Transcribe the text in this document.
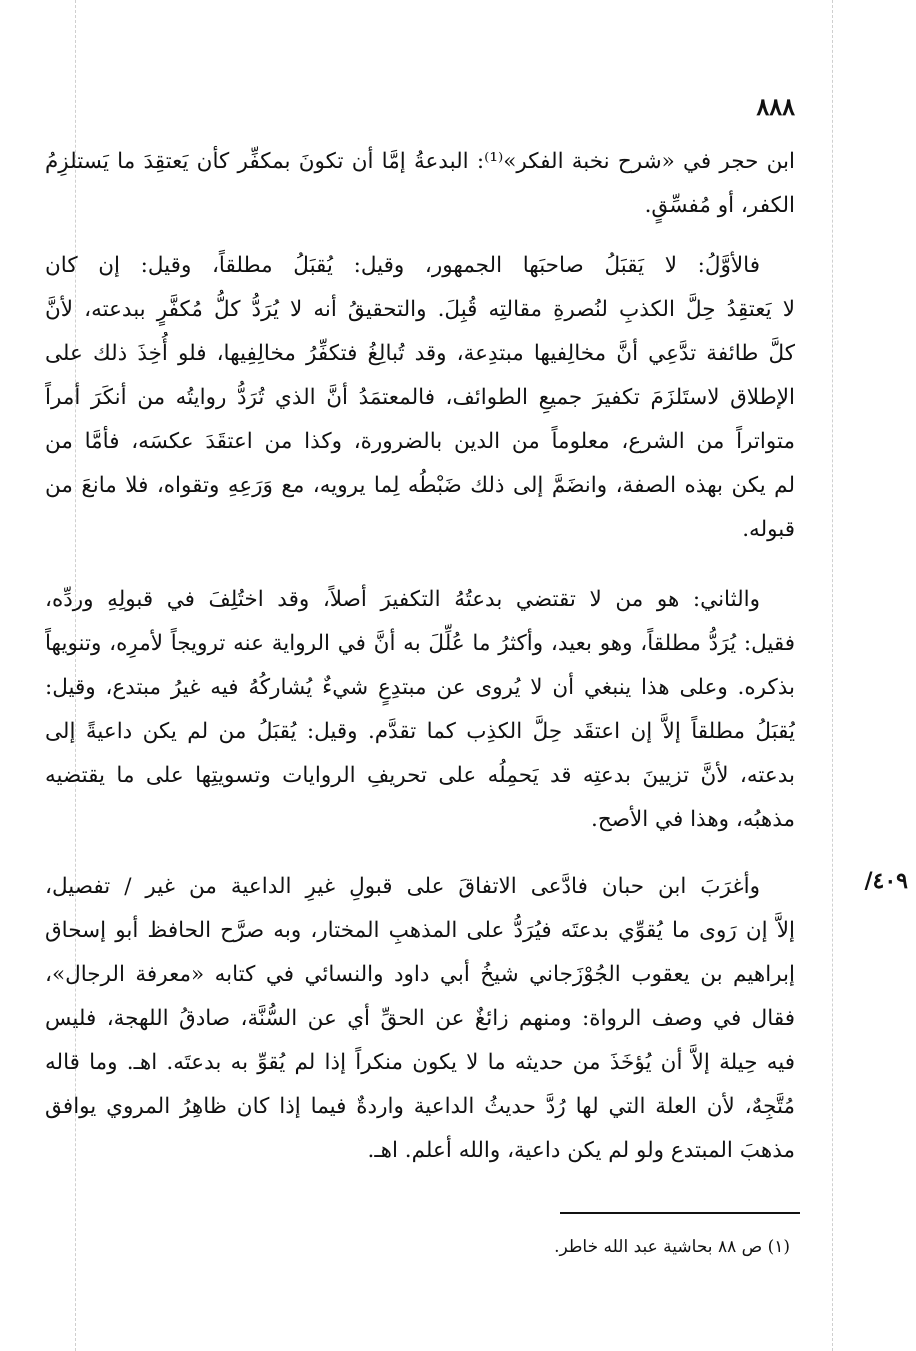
٨٨٨
ابن حجر في «شرح نخبة الفكر»⁽¹⁾: البدعةُ إمَّا أن تكونَ بمكفِّر كأن يَعتقِدَ ما يَستلزِمُ
الكفر، أو مُفسِّقٍ.
فالأوَّلُ: لا يَقبَلُ صاحبَها الجمهور، وقيل: يُقبَلُ مطلقاً، وقيل: إن كان
لا يَعتقِدُ حِلَّ الكذبِ لنُصرةِ مقالتِه قُبِلَ. والتحقيقُ أنه لا يُرَدُّ كلُّ مُكفَّرٍ ببدعته، لأنَّ
كلَّ طائفة تدَّعِي أنَّ مخالِفيها مبتدِعة، وقد تُبالِغُ فتكفِّرُ مخالِفِيها، فلو أُخِذَ ذلك على
الإطلاق لاستَلزَمَ تكفيرَ جميعِ الطوائف، فالمعتمَدُ أنَّ الذي تُرَدُّ روايتُه من أنكَرَ أمراً
متواتراً من الشرع، معلوماً من الدين بالضرورة، وكذا من اعتقَدَ عكسَه، فأمَّا من
لم يكن بهذه الصفة، وانضَمَّ إلى ذلك ضَبْطُه لِما يرويه، مع وَرَعِهِ وتقواه، فلا مانعَ من
قبوله.
والثاني: هو من لا تقتضي بدعتُهُ التكفيرَ أصلاً، وقد اختُلِفَ في قبولِهِ وردِّه،
فقيل: يُرَدُّ مطلقاً، وهو بعيد، وأكثرُ ما عُلِّلَ به أنَّ في الرواية عنه ترويجاً لأمرِه، وتنويهاً
بذكره. وعلى هذا ينبغي أن لا يُروى عن مبتدِعٍ شيءٌ يُشاركُهُ فيه غيرُ مبتدع، وقيل:
يُقبَلُ مطلقاً إلاَّ إن اعتقَد حِلَّ الكذِب كما تقدَّم. وقيل: يُقبَلُ من لم يكن داعيةً إلى
بدعته، لأنَّ تزيينَ بدعتِه قد يَحمِلُه على تحريفِ الروايات وتسويتِها على ما يقتضيه
مذهبُه، وهذا في الأصح.
٤٠٩/
وأغرَبَ ابن حبان فادَّعى الاتفاقَ على قبولِ غيرِ الداعية من غير / تفصيل،
إلاَّ إن رَوى ما يُقوِّي بدعتَه فيُرَدُّ على المذهبِ المختار، وبه صرَّح الحافظ أبو إسحاق
إبراهيم بن يعقوب الجُوْزَجاني شيخُ أبي داود والنسائي في كتابه «معرفة الرجال»،
فقال في وصف الرواة: ومنهم زائغٌ عن الحقِّ أي عن السُّنَّة، صادقُ اللهجة، فليس
فيه حِيلة إلاَّ أن يُؤخَذَ من حديثه ما لا يكون منكراً إذا لم يُقوِّ به بدعتَه. اهـ. وما قاله
مُتَّجِهٌ، لأن العلة التي لها رُدَّ حديثُ الداعية واردةٌ فيما إذا كان ظاهِرُ المروي يوافق
مذهبَ المبتدع ولو لم يكن داعية، والله أعلم. اهـ.
(١) ص ٨٨ بحاشية عبد الله خاطر.
